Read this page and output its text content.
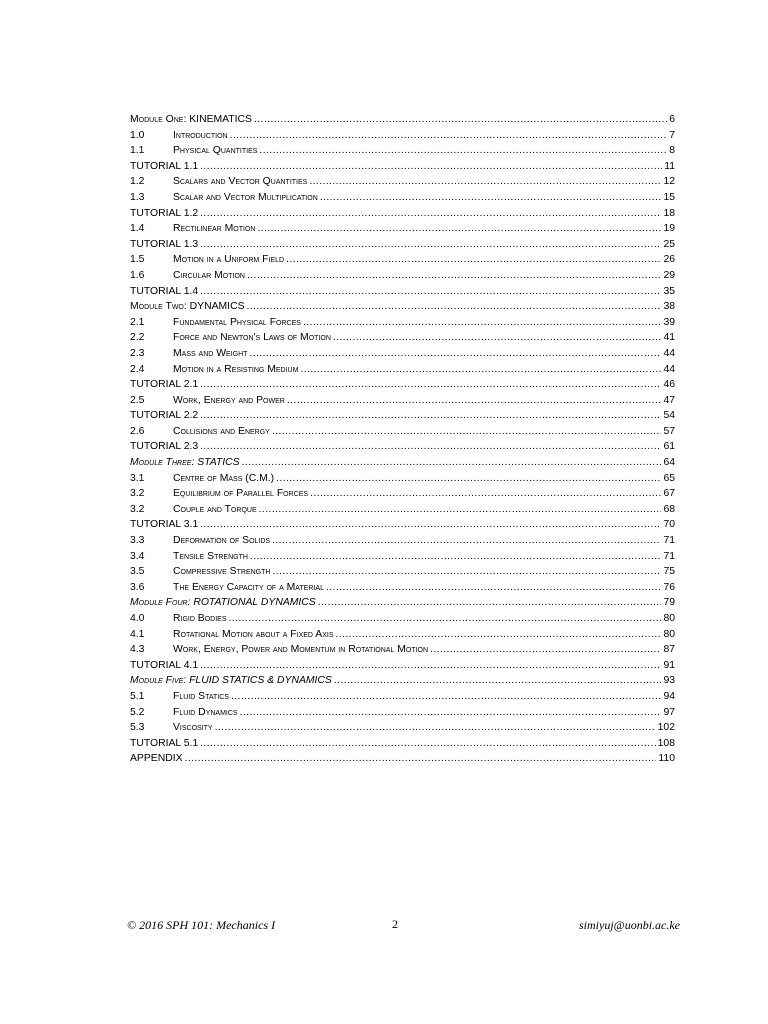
Module One: KINEMATICS .....	6
1.0	Introduction .....	7
1.1	Physical Quantities .....	8
TUTORIAL 1.1 .....	11
1.2	Scalars and Vector Quantities .....	12
1.3	Scalar and Vector Multiplication .....	15
TUTORIAL 1.2 .....	18
1.4	Rectilinear Motion .....	19
TUTORIAL 1.3 .....	25
1.5	Motion in a Uniform Field .....	26
1.6	Circular Motion .....	29
TUTORIAL 1.4 .....	35
Module Two: DYNAMICS .....	38
2.1	Fundamental Physical Forces .....	39
2.2	Force and Newton's Laws of Motion .....	41
2.3	Mass and Weight .....	44
2.4	Motion in a Resisting Medium .....	44
TUTORIAL 2.1 .....	46
2.5	Work, Energy and Power .....	47
TUTORIAL 2.2 .....	54
2.6	Collisions and Energy .....	57
TUTORIAL 2.3 .....	61
Module Three: STATICS .....	64
3.1	Centre of Mass (C.M.) .....	65
3.2	Equilibrium of Parallel Forces .....	67
3.2	Couple and Torque .....	68
TUTORIAL 3.1 .....	70
3.3	Deformation of Solids .....	71
3.4	Tensile Strength .....	71
3.5	Compressive Strength .....	75
3.6	The Energy Capacity of a Material .....	76
Module Four: ROTATIONAL DYNAMICS .....	79
4.0	Rigid Bodies .....	80
4.1	Rotational Motion about a Fixed Axis .....	80
4.3	Work, Energy, Power and Momentum in Rotational Motion .....	87
TUTORIAL 4.1 .....	91
Module Five: FLUID STATICS & DYNAMICS .....	93
5.1	Fluid Statics .....	94
5.2	Fluid Dynamics .....	97
5.3	Viscosity .....	102
TUTORIAL 5.1 .....	108
APPENDIX .....	110
© 2016 SPH 101: Mechanics I	2	simiyuj@uonbi.ac.ke
